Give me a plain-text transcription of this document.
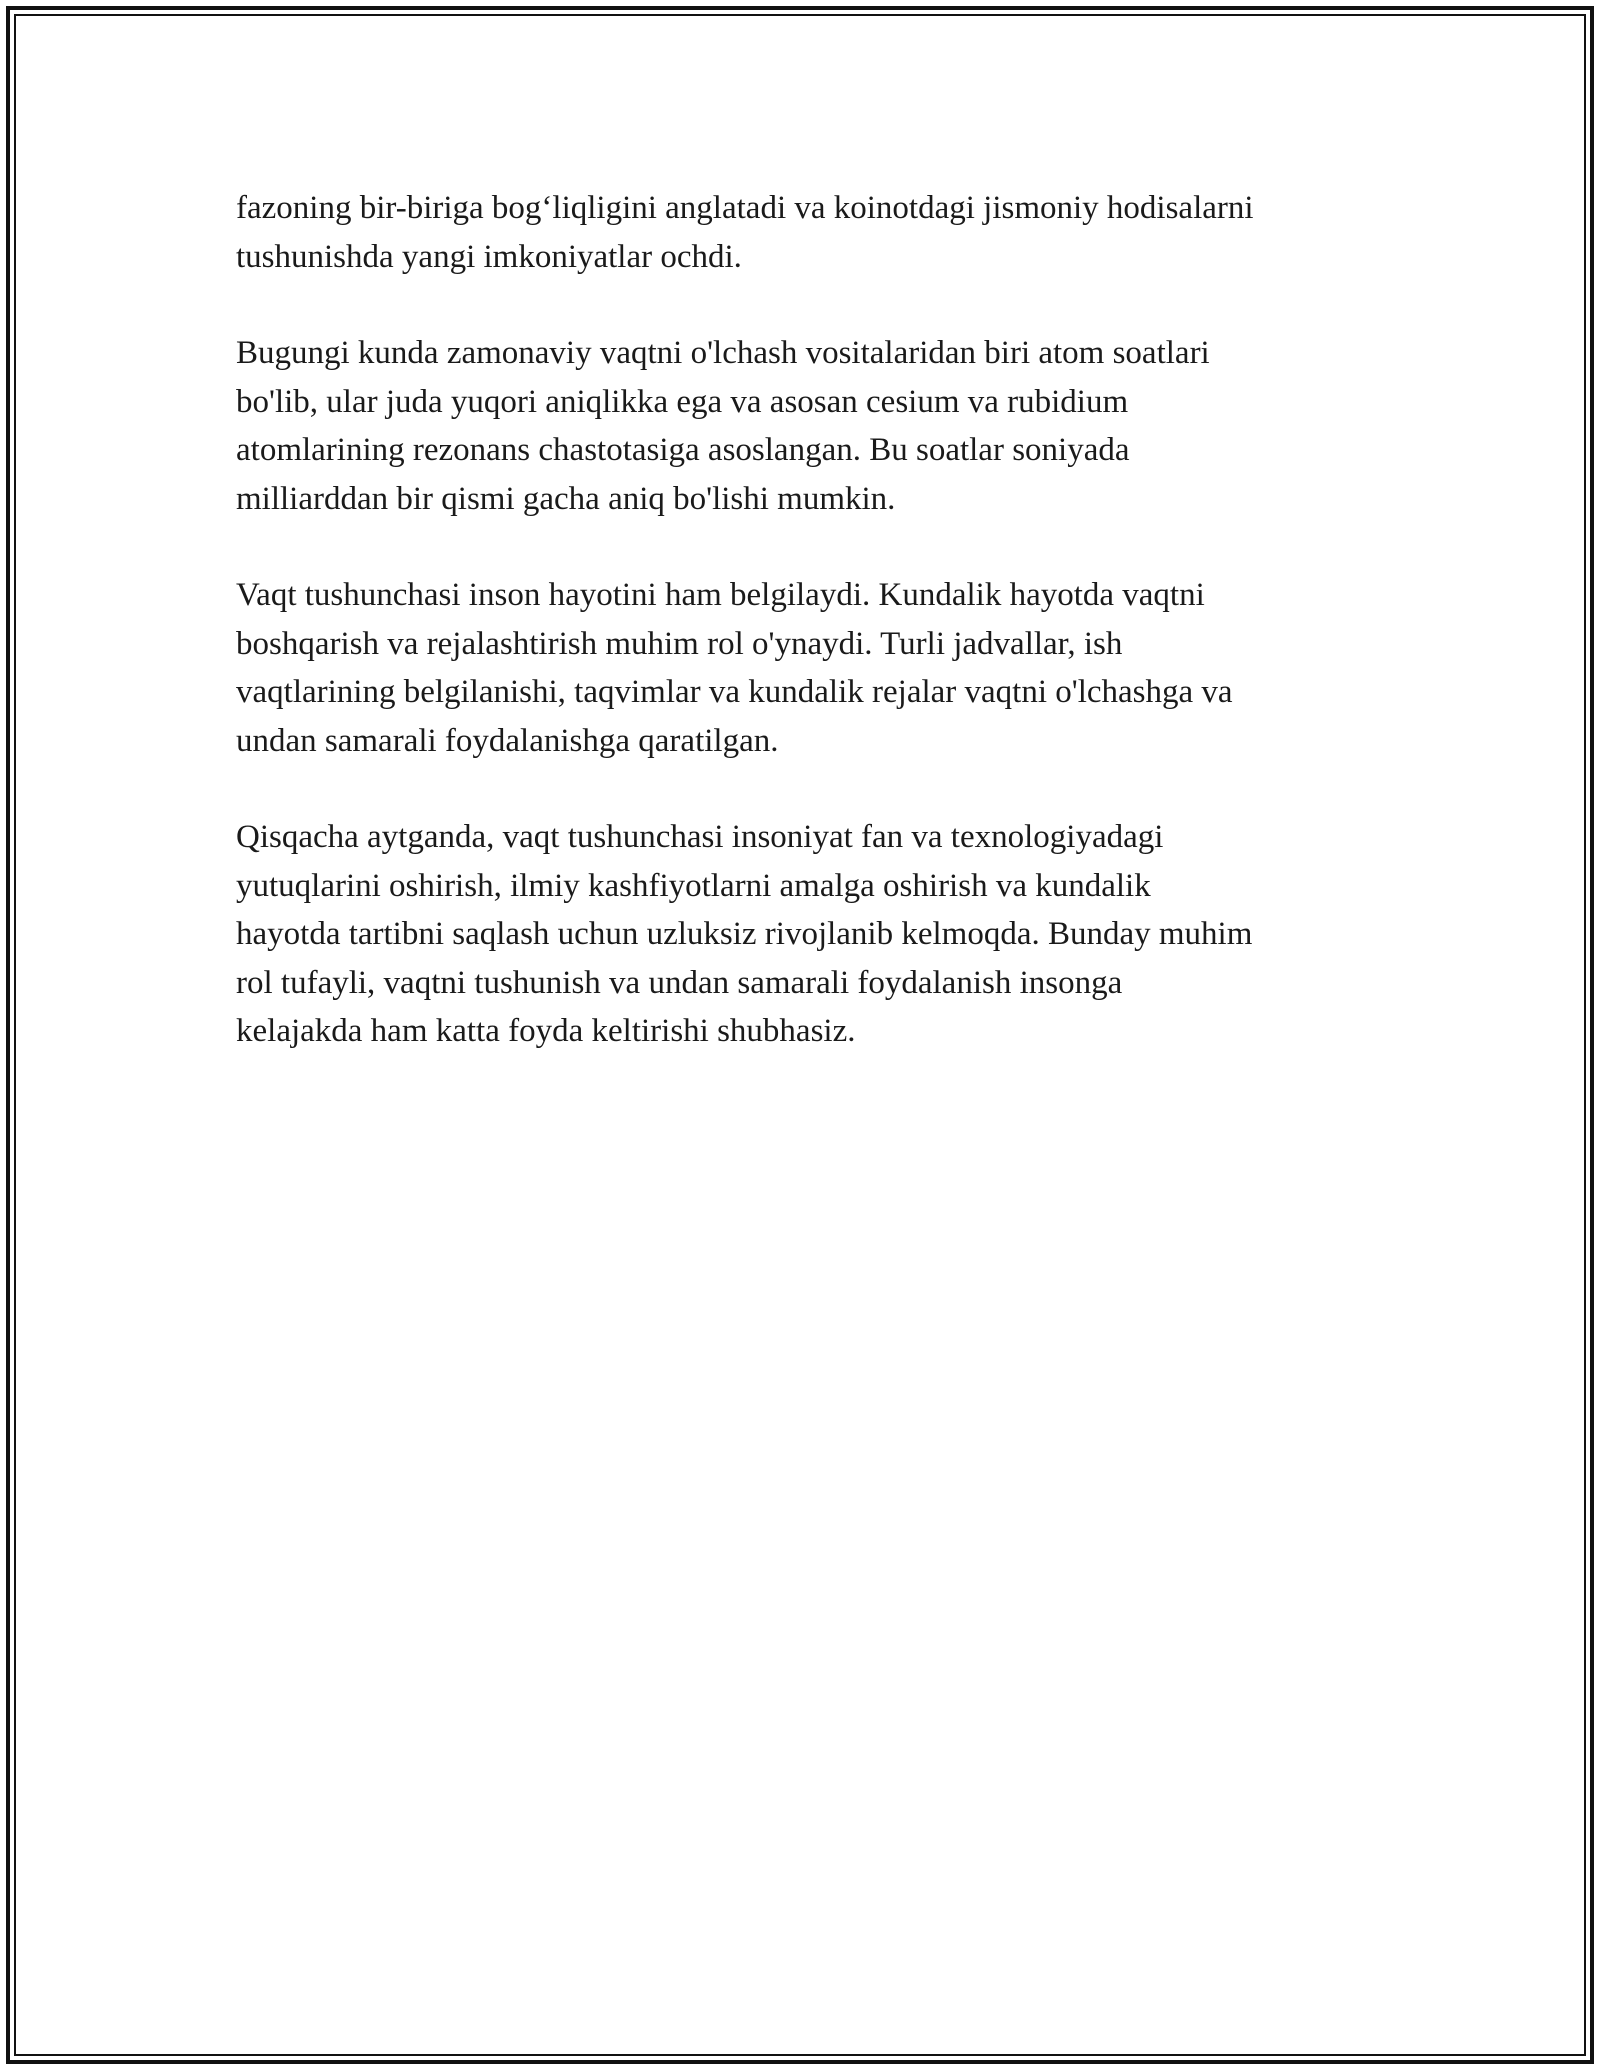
fazoning bir-biriga bog‘liqligini anglatadi va koinotdagi jismoniy hodisalarni
tushunishda yangi imkoniyatlar ochdi.

Bugungi kunda zamonaviy vaqtni o'lchash vositalaridan biri atom soatlari
bo'lib, ular juda yuqori aniqlikka ega va asosan cesium va rubidium
atomlarining rezonans chastotasiga asoslangan. Bu soatlar soniyada
milliarddan bir qismi gacha aniq bo'lishi mumkin.

Vaqt tushunchasi inson hayotini ham belgilaydi. Kundalik hayotda vaqtni
boshqarish va rejalashtirish muhim rol o'ynaydi. Turli jadvallar, ish
vaqtlarining belgilanishi, taqvimlar va kundalik rejalar vaqtni o'lchashga va
undan samarali foydalanishga qaratilgan.

Qisqacha aytganda, vaqt tushunchasi insoniyat fan va texnologiyadagi
yutuqlarini oshirish, ilmiy kashfiyotlarni amalga oshirish va kundalik
hayotda tartibni saqlash uchun uzluksiz rivojlanib kelmoqda. Bunday muhim
rol tufayli, vaqtni tushunish va undan samarali foydalanish insonga
kelajakda ham katta foyda keltirishi shubhasiz.
